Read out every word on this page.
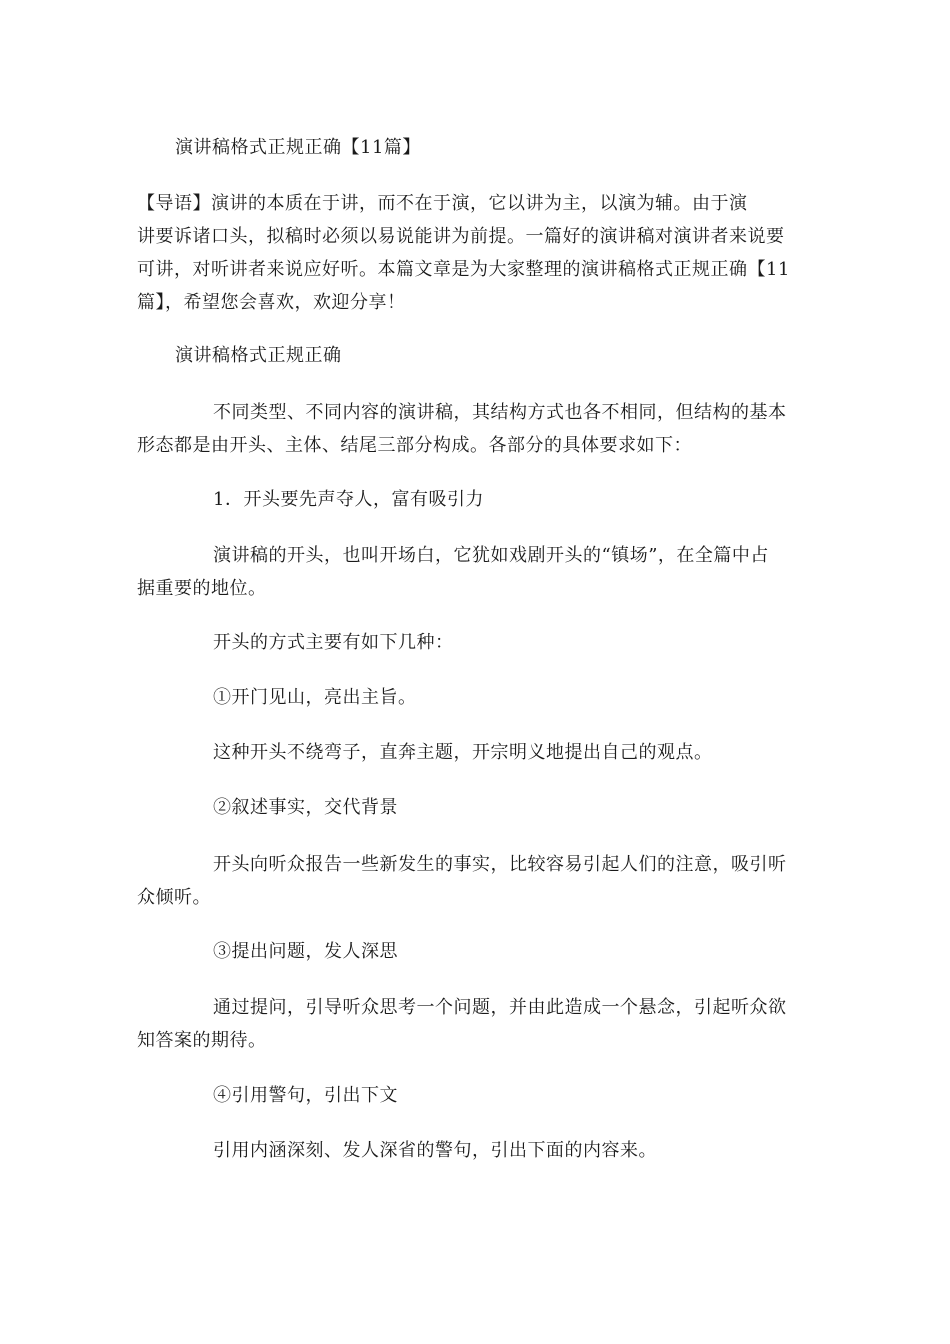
演讲稿格式正规正确【11篇】

【导语】演讲的本质在于讲，而不在于演，它以讲为主，以演为辅。由于演
讲要诉诸口头，拟稿时必须以易说能讲为前提。一篇好的演讲稿对演讲者来说要
可讲，对听讲者来说应好听。本篇文章是为大家整理的演讲稿格式正规正确【11
篇】，希望您会喜欢，欢迎分享！

演讲稿格式正规正确

不同类型、不同内容的演讲稿，其结构方式也各不相同，但结构的基本
形态都是由开头、主体、结尾三部分构成。各部分的具体要求如下：

1．开头要先声夺人，富有吸引力

演讲稿的开头，也叫开场白，它犹如戏剧开头的“镇场”，在全篇中占
据重要的地位。

开头的方式主要有如下几种：

①开门见山，亮出主旨。

这种开头不绕弯子，直奔主题，开宗明义地提出自己的观点。

②叙述事实，交代背景

开头向听众报告一些新发生的事实，比较容易引起人们的注意，吸引听
众倾听。

③提出问题，发人深思

通过提问，引导听众思考一个问题，并由此造成一个悬念，引起听众欲
知答案的期待。

④引用警句，引出下文

引用内涵深刻、发人深省的警句，引出下面的内容来。
